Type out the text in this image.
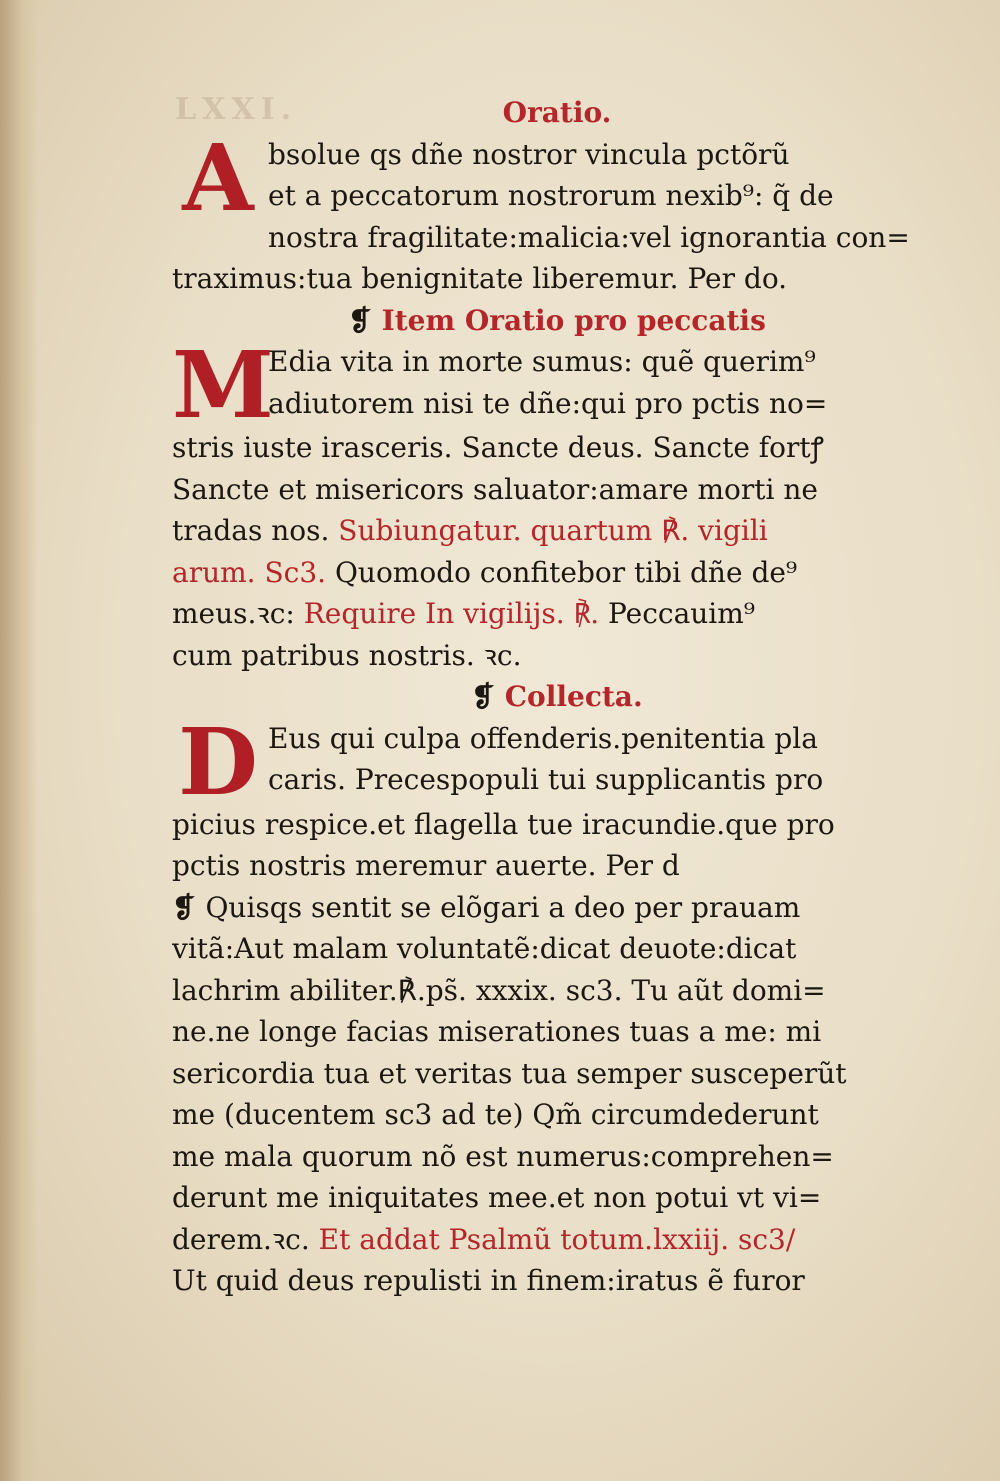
LXXI.	Oratio.
A bsolue qs dñe nostror vincula pctõrũ
et a peccatorum nostrorum nexib⁹: q̃ de
nostra fragilitate:malicia:vel ignorantia con=
traximus:tua benignitate liberemur. Per do.
❡ Item Oratio pro peccatis
M
Edia vita in morte sumus: quẽ querim⁹
adiutorem nisi te dñe:qui pro pctis no=
stris iuste irasceris. Sancte deus. Sancte fortꝭ
Sancte et misericors saluator:amare morti ne
tradas nos. Subiungatur. quartum ℟. vigili
arum. Sc3. Quomodo confitebor tibi dñe de⁹
meus.ꝛc: Require In vigilijs. ℟. Peccauim⁹
cum patribus nostris. ꝛc.
❡ Collecta.
D Eus qui culpa offenderis.penitentia pla
caris. Precespopuli tui supplicantis pro
picius respice.et flagella tue iracundie.que pro
pctis nostris meremur auerte. Per d
❡ Quisqs sentit se elõgari a deo per prauam
vitã:Aut malam voluntatẽ:dicat deuote:dicat
lachrim abiliter.℟.ps̃. xxxix. sc3. Tu aũt domi=
ne.ne longe facias miserationes tuas a me: mi
sericordia tua et veritas tua semper susceperũt
me (ducentem sc3 ad te) Qm̃ circumdederunt
me mala quorum nõ est numerus:comprehen=
derunt me iniquitates mee.et non potui vt vi=
derem.ꝛc. Et addat Psalmũ totum.lxxiij. sc3/
Ut quid deus repulisti in finem:iratus ẽ furor
